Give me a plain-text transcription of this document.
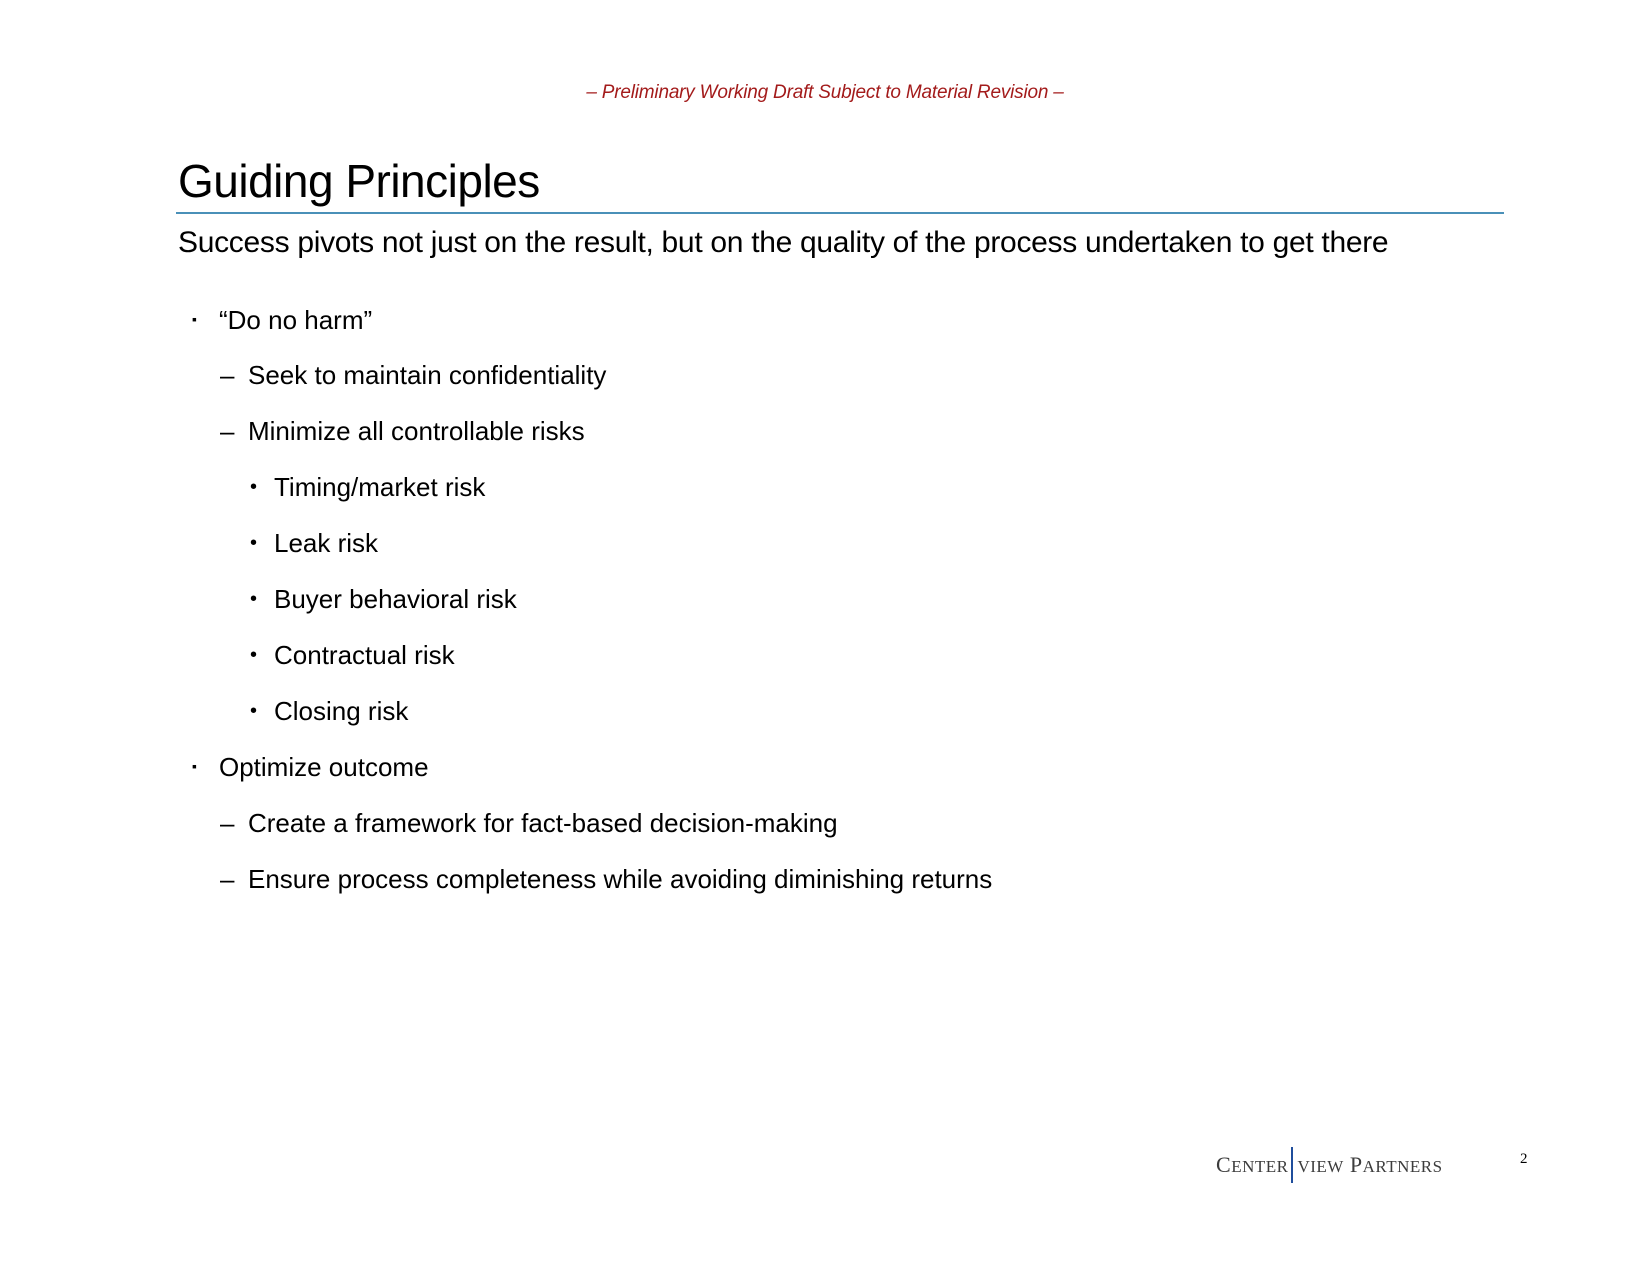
– Preliminary Working Draft Subject to Material Revision –
Guiding Principles
Success pivots not just on the result, but on the quality of the process undertaken to get there
▪ “Do no harm”
– Seek to maintain confidentiality
– Minimize all controllable risks
• Timing/market risk
• Leak risk
• Buyer behavioral risk
• Contractual risk
• Closing risk
▪ Optimize outcome
– Create a framework for fact-based decision-making
– Ensure process completeness while avoiding diminishing returns
CENTER VIEW PARTNERS	2
